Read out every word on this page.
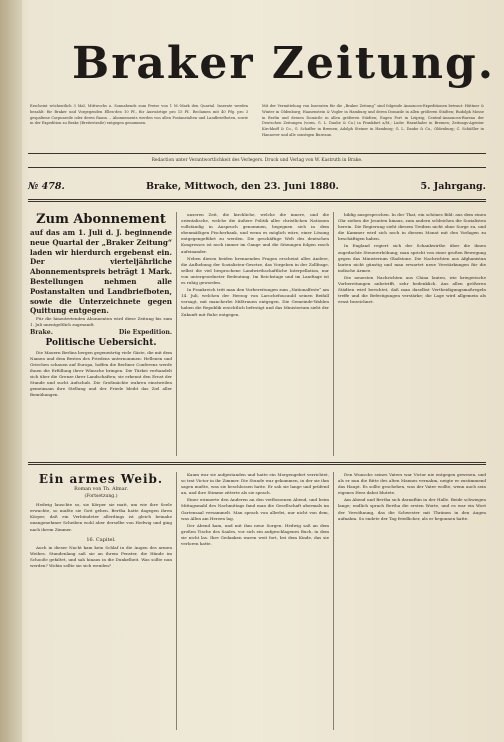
Braker Zeitung.
Erscheint wöchentlich 3 Mal, Mittwochs u. Sonnabends zum Preise von 1 M.-Mark den Quartal. Inserate werden bezahlt: für Braker und Vorgegenden Ellen-den 10 Pf., für Auswärtige pro 15 Pf.. Reclamen mit 40 Pfg. pro 3 gespaltene Corpuszeile oder deren Raum. – Abonnements werden von allen Postanstalten und Landbriefboten, sowie in der Expedition zu Brake (Breitestraße) entgegen genommen.
Mit der Vermittelung von Inseraten für die „Braker Zeitung“ sind folgende Annoncen-Expeditionen betraut: Hüttner & Winter in Oldenburg; Haasenstein & Vogler in Hamburg und deren Domizile in allen größeren Städten; Rudolph Mosse in Berlin und dessen Domicile in allen größeren Städten; Eugen Fort in Leipzig; Central-Annoncen-Bureau der Deutschen Zeitungen (vorm. G. L. Daube & Co.) in Frankfurt a/M.; Ludw. Haenthaler in Bremen; Zeitungs-Agentur Kirchhoff & Co., G. Schaffer in Bremen; Adolph Steiner in Hamburg; G. L. Daube & Co., Oldenburg; C. Schüßler in Hannover und alle sonstigen Bureaux.
Redaction unter Verantwortlichkeit des Verlegers. Druck und Verlag von W. Kastruth in Brake.
№ 478.	Brake, Mittwoch, den 23. Juni 1880.	5. Jahrgang.
Zum Abonnement
auf das am 1. Juli d. J. beginnende neue Quartal der „Braker Zeitung“ laden wir hierdurch ergebenst ein. Der vierteljährliche Abonnementspreis beträgt 1 Mark. Bestellungen nehmen alle Postanstalten und Landbriefboten, sowie die Unterzeichnete gegen Quittung entgegen.

Für die hinzutretenden Abonnenten wird diese Zeitung bis zum 1. Juli unentgeltlich zugesandt.

Brake.	Die Expedition.
Politische Uebersicht.

Die Mauern Berlins bergen gegenwärtig viele Gäste, die mit dem Namen und dem Besten des Friedens unternommen: Hellenen und Griechen schauen auf Europa, hoffen die Berliner Conferenz werde ihnen die Erfüllung ihrer Wünsche bringen. Die Türkei verhandelt sich über die Grenze ihrer Landschaften; sie erkennt den Ernst der Stunde und sucht Aufschub. Die Großmächte wahren einstweilen gemeinsam ihre Stellung und der Friede bleibt das Ziel aller Bemühungen.

unseren Zeit, die kirchliche, welche die innere, und die orientalische, welche die äußere Politik aller christlichen Nationen vollständig in Anspruch genommen, begegnen sich in dem ebenmäßigen Fischerbank, und wenn es möglich wäre, einer Lösung entgegengeführt zu werden. Die geschäftige Welt des deutschen Kongresses ist noch immer im Gange und die Sitzungen folgen rasch aufeinander.

Neben diesen beiden brennenden Fragen erscheint alles Andere, die Aufhebung der Sozialisten-Gesetze, das Vorgehen in der Zollfrage, selbst die viel besprochene Landwirthschaftliche Interpellation, nur von untergeordneter Bedeutung. Im Reichstage und im Landtage ist es ruhig geworden.

In Frankreich tritt man den Vorbereitungen zum „Nationalfeste“ am 14. Juli, welchen der Herzog von Larochefoucauld seinen Beifall versagt, mit mancherlei Mißtrauen entgegen. Die Gemeinde-Wahlen haben die Republik ersichtlich befestigt und das Ministerium sieht der Zukunft mit Ruhe entgegen.

bildig ausgesprochen. In der That, ein schönes Bild: aus dem einen Ohr ziehen die Jesuiten hinaus, zum andern schleichen die Sozialisten herein. Die Regierung sieht diesem Treiben nicht ohne Sorge zu, und die Kammer wird sich noch in diesem Monat mit den Vorlagen zu beschäftigen haben.

In England regiert sich der Schankwirthe über die ihnen zugedachte Steuererhöhung; man spricht von einer großen Bewegung gegen das Ministerium Gladstone. Die Nachrichten aus Afghanistan lauten nicht günstig und man erwartet neue Verstärkungen für die indische Armee.

Die neuesten Nachrichten aus China lauten, wie kriegerische Vorbereitungen anbetrifft, sehr bedenklich. Aus allen größeren Städten wird berichtet, daß man daselbst Vertheidigungsmaßregeln treffe und die Befestigungen verstärke; die Lage wird allgemein als ernst bezeichnet.

Ein armes Weib.
Roman von Th. Almar.
(Fortsetzung.)

Hedwig lauschte so, sie Körper sie matt, um wie ihre Seele erwachte, so mußte sie Gott gehen. Bertha hatte dagegen ihren Körper, daß ein Verbündeter allerdings ist gleich beinahe unangenehmer Scheiben wohl aber derselbe von Hedwig und ging nach ihrem Zimmer.

16. Capitel.

Auch in dieser Nacht kam kein Schlaf in die Augen des armen Weibes. Stundenlang saß sie an ihrem Fenster, die Hände im Schooße gefaltet, und sah hinaus in die Dunkelheit. Was sollte nun werden? Wohin sollte sie sich wenden?

Kaum war sie aufgestanden und hatte ein Morgengebet verrichtet, so trat Victor in ihr Zimmer. Die Stunde war gekommen, in der sie ihm sagen mußte, was sie beschlossen hatte. Er sah sie lange und prüfend an, und ihre Stimme zitterte als sie sprach.

Einer erinnerte den Anderen an den verflossenen Abend, und beim Mittagsmahl des Nachmittags fand man die Gesellschaft abermals im Gartensaal versammelt. Man sprach von allerlei, nur nicht von dem, was Allen am Herzen lag.

Der Abend kam, und mit ihm neue Sorgen. Hedwig saß an dem großen Tische des Saales, vor sich ein aufgeschlagenes Buch, in dem sie nicht las. Ihre Gedanken waren weit fort, bei dem Kinde, das sie verloren hatte.

Den Wunsche seines Vaters war Victor nie entgegen gewesen, und als er nun die Bitte des alten Mannes vernahm, neigte er zustimmend das Haupt. Es sollte geschehen, was der Vater wollte, wenn auch sein eigenes Herz dabei blutete.

Am Abend und Bertha sich daraufhin in der Halle. Beide schwiegen lange; endlich sprach Bertha die ersten Worte, und es war ein Wort der Versöhnung, das die Schwester mit Thränen in den Augen aufnahm. So endete der Tag friedlicher, als er begonnen hatte.
